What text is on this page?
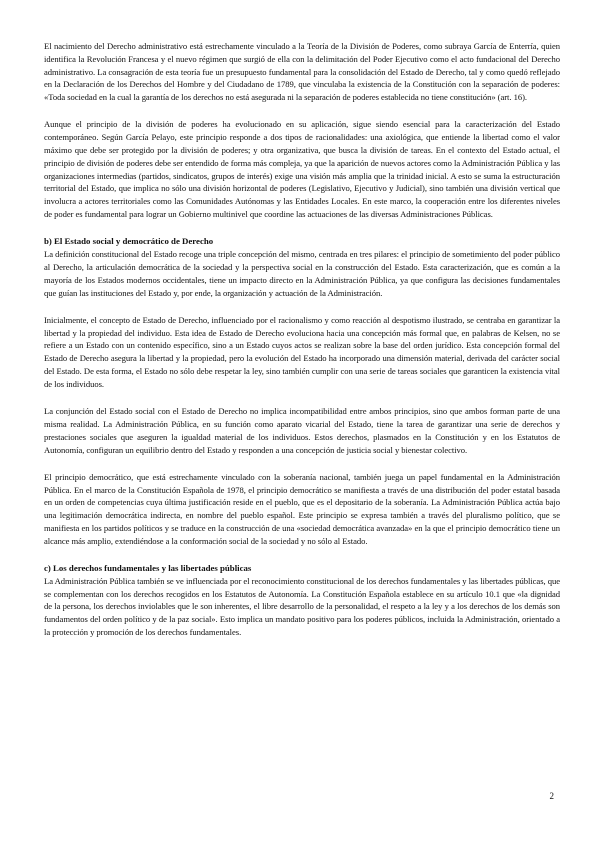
El nacimiento del Derecho administrativo está estrechamente vinculado a la Teoría de la División de Poderes, como subraya García de Enterría, quien identifica la Revolución Francesa y el nuevo régimen que surgió de ella con la delimitación del Poder Ejecutivo como el acto fundacional del Derecho administrativo. La consagración de esta teoría fue un presupuesto fundamental para la consolidación del Estado de Derecho, tal y como quedó reflejado en la Declaración de los Derechos del Hombre y del Ciudadano de 1789, que vinculaba la existencia de la Constitución con la separación de poderes: «Toda sociedad en la cual la garantía de los derechos no está asegurada ni la separación de poderes establecida no tiene constitución» (art. 16).

Aunque el principio de la división de poderes ha evolucionado en su aplicación, sigue siendo esencial para la caracterización del Estado contemporáneo. Según García Pelayo, este principio responde a dos tipos de racionalidades: una axiológica, que entiende la libertad como el valor máximo que debe ser protegido por la división de poderes; y otra organizativa, que busca la división de tareas. En el contexto del Estado actual, el principio de división de poderes debe ser entendido de forma más compleja, ya que la aparición de nuevos actores como la Administración Pública y las organizaciones intermedias (partidos, sindicatos, grupos de interés) exige una visión más amplia que la trinidad inicial. A esto se suma la estructuración territorial del Estado, que implica no sólo una división horizontal de poderes (Legislativo, Ejecutivo y Judicial), sino también una división vertical que involucra a actores territoriales como las Comunidades Autónomas y las Entidades Locales. En este marco, la cooperación entre los diferentes niveles de poder es fundamental para lograr un Gobierno multinivel que coordine las actuaciones de las diversas Administraciones Públicas.

b) El Estado social y democrático de Derecho

La definición constitucional del Estado recoge una triple concepción del mismo, centrada en tres pilares: el principio de sometimiento del poder público al Derecho, la articulación democrática de la sociedad y la perspectiva social en la construcción del Estado. Esta caracterización, que es común a la mayoría de los Estados modernos occidentales, tiene un impacto directo en la Administración Pública, ya que configura las decisiones fundamentales que guían las instituciones del Estado y, por ende, la organización y actuación de la Administración.

Inicialmente, el concepto de Estado de Derecho, influenciado por el racionalismo y como reacción al despotismo ilustrado, se centraba en garantizar la libertad y la propiedad del individuo. Esta idea de Estado de Derecho evoluciona hacia una concepción más formal que, en palabras de Kelsen, no se refiere a un Estado con un contenido específico, sino a un Estado cuyos actos se realizan sobre la base del orden jurídico. Esta concepción formal del Estado de Derecho asegura la libertad y la propiedad, pero la evolución del Estado ha incorporado una dimensión material, derivada del carácter social del Estado. De esta forma, el Estado no sólo debe respetar la ley, sino también cumplir con una serie de tareas sociales que garanticen la existencia vital de los individuos.

La conjunción del Estado social con el Estado de Derecho no implica incompatibilidad entre ambos principios, sino que ambos forman parte de una misma realidad. La Administración Pública, en su función como aparato vicarial del Estado, tiene la tarea de garantizar una serie de derechos y prestaciones sociales que aseguren la igualdad material de los individuos. Estos derechos, plasmados en la Constitución y en los Estatutos de Autonomía, configuran un equilibrio dentro del Estado y responden a una concepción de justicia social y bienestar colectivo.

El principio democrático, que está estrechamente vinculado con la soberanía nacional, también juega un papel fundamental en la Administración Pública. En el marco de la Constitución Española de 1978, el principio democrático se manifiesta a través de una distribución del poder estatal basada en un orden de competencias cuya última justificación reside en el pueblo, que es el depositario de la soberanía. La Administración Pública actúa bajo una legitimación democrática indirecta, en nombre del pueblo español. Este principio se expresa también a través del pluralismo político, que se manifiesta en los partidos políticos y se traduce en la construcción de una «sociedad democrática avanzada» en la que el principio democrático tiene un alcance más amplio, extendiéndose a la conformación social de la sociedad y no sólo al Estado.

c) Los derechos fundamentales y las libertades públicas

La Administración Pública también se ve influenciada por el reconocimiento constitucional de los derechos fundamentales y las libertades públicas, que se complementan con los derechos recogidos en los Estatutos de Autonomía. La Constitución Española establece en su artículo 10.1 que «la dignidad de la persona, los derechos inviolables que le son inherentes, el libre desarrollo de la personalidad, el respeto a la ley y a los derechos de los demás son fundamentos del orden político y de la paz social». Esto implica un mandato positivo para los poderes públicos, incluida la Administración, orientado a la protección y promoción de los derechos fundamentales.

2
